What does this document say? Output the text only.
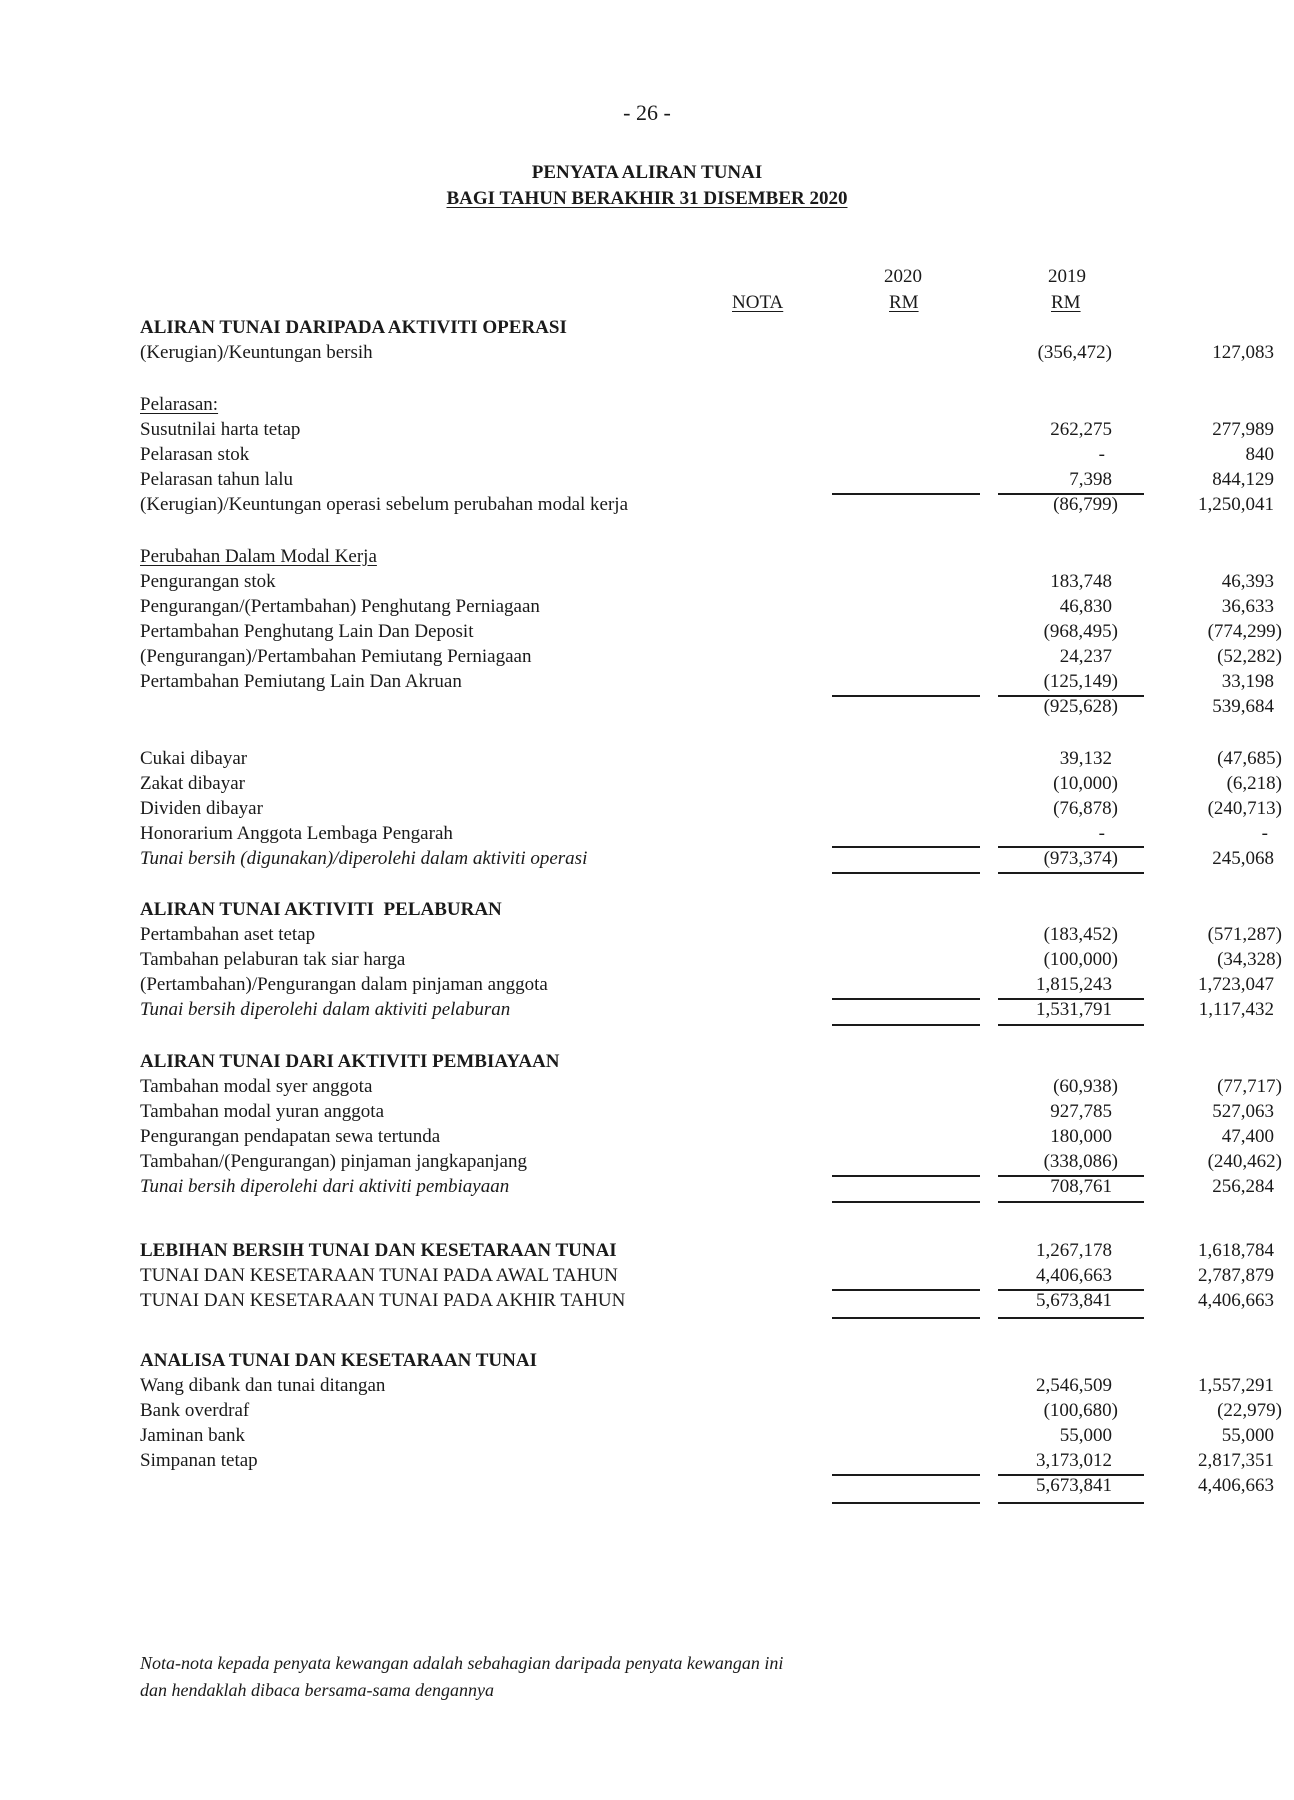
- 26 -
PENYATA ALIRAN TUNAI
BAGI TAHUN BERAKHIR 31 DISEMBER 2020
2020	2019
NOTA	RM	RM
ALIRAN TUNAI DARIPADA AKTIVITI OPERASI
(Kerugian)/Keuntungan bersih	(356,472)	127,083
Pelarasan:
Susutnilai harta tetap	262,275	277,989
Pelarasan stok	-	840
Pelarasan tahun lalu	7,398	844,129
(Kerugian)/Keuntungan operasi sebelum perubahan modal kerja	(86,799)	1,250,041
Perubahan Dalam Modal Kerja
Pengurangan stok	183,748	46,393
Pengurangan/(Pertambahan) Penghutang Perniagaan	46,830	36,633
Pertambahan Penghutang Lain Dan Deposit	(968,495)	(774,299)
(Pengurangan)/Pertambahan Pemiutang Perniagaan	24,237	(52,282)
Pertambahan Pemiutang Lain Dan Akruan	(125,149)	33,198
(925,628)	539,684
Cukai dibayar	39,132	(47,685)
Zakat dibayar	(10,000)	(6,218)
Dividen dibayar	(76,878)	(240,713)
Honorarium Anggota Lembaga Pengarah	-	-
Tunai bersih (digunakan)/diperolehi dalam aktiviti operasi	(973,374)	245,068
ALIRAN TUNAI AKTIVITI  PELABURAN
Pertambahan aset tetap	(183,452)	(571,287)
Tambahan pelaburan tak siar harga	(100,000)	(34,328)
(Pertambahan)/Pengurangan dalam pinjaman anggota	1,815,243	1,723,047
Tunai bersih diperolehi dalam aktiviti pelaburan	1,531,791	1,117,432
ALIRAN TUNAI DARI AKTIVITI PEMBIAYAAN
Tambahan modal syer anggota	(60,938)	(77,717)
Tambahan modal yuran anggota	927,785	527,063
Pengurangan pendapatan sewa tertunda	180,000	47,400
Tambahan/(Pengurangan) pinjaman jangkapanjang	(338,086)	(240,462)
Tunai bersih diperolehi dari aktiviti pembiayaan	708,761	256,284
LEBIHAN BERSIH TUNAI DAN KESETARAAN TUNAI	1,267,178	1,618,784
TUNAI DAN KESETARAAN TUNAI PADA AWAL TAHUN	4,406,663	2,787,879
TUNAI DAN KESETARAAN TUNAI PADA AKHIR TAHUN	5,673,841	4,406,663
ANALISA TUNAI DAN KESETARAAN TUNAI
Wang dibank dan tunai ditangan	2,546,509	1,557,291
Bank overdraf	(100,680)	(22,979)
Jaminan bank	55,000	55,000
Simpanan tetap	3,173,012	2,817,351
5,673,841	4,406,663
Nota-nota kepada penyata kewangan adalah sebahagian daripada penyata kewangan ini
dan hendaklah dibaca bersama-sama dengannya
